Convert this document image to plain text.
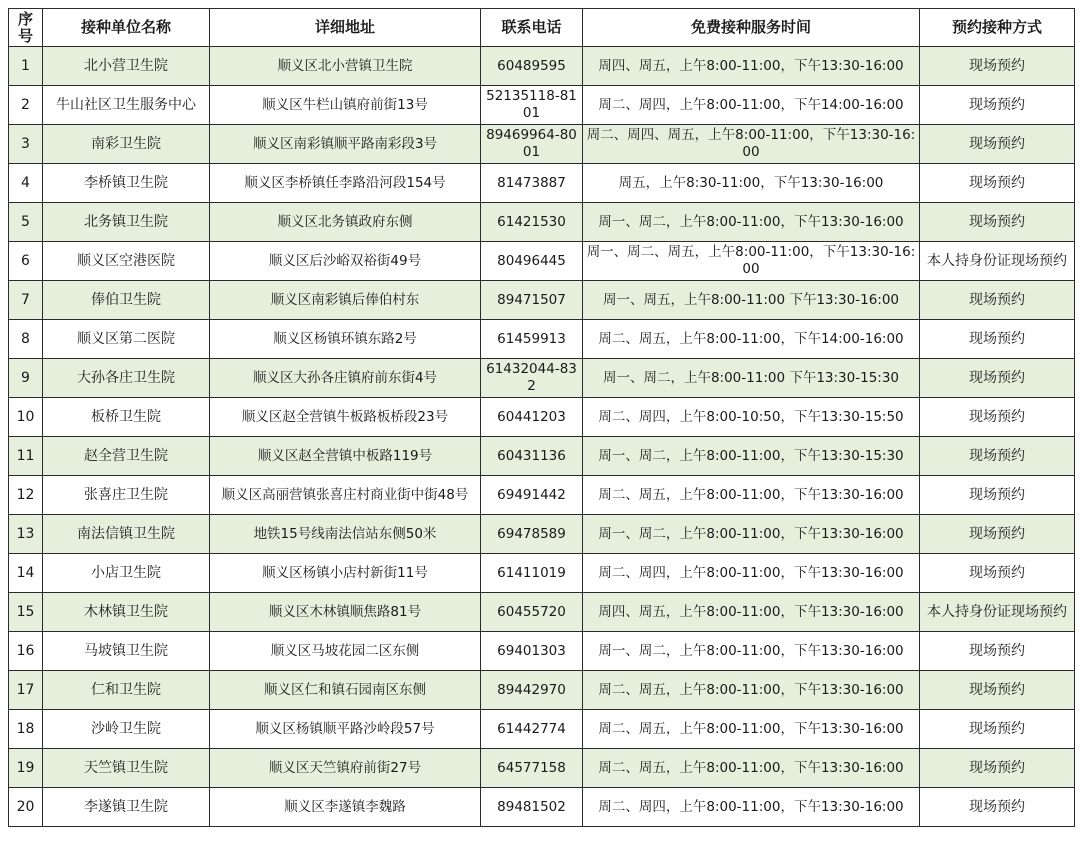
序号	接种单位名称	详细地址	联系电话	免费接种服务时间	预约接种方式
1	北小营卫生院	顺义区北小营镇卫生院	60489595	周四、周五，上午8:00-11:00，下午13:30-16:00	现场预约
2	牛山社区卫生服务中心	顺义区牛栏山镇府前街13号	52135118-8101	周二、周四，上午8:00-11:00，下午14:00-16:00	现场预约
3	南彩卫生院	顺义区南彩镇顺平路南彩段3号	89469964-8001	周二、周四、周五，上午8:00-11:00，下午13:30-16:00	现场预约
4	李桥镇卫生院	顺义区李桥镇任李路沿河段154号	81473887	周五，上午8:30-11:00，下午13:30-16:00	现场预约
5	北务镇卫生院	顺义区北务镇政府东侧	61421530	周一、周二，上午8:00-11:00，下午13:30-16:00	现场预约
6	顺义区空港医院	顺义区后沙峪双裕街49号	80496445	周一、周二、周五，上午8:00-11:00，下午13:30-16:00	本人持身份证现场预约
7	俸伯卫生院	顺义区南彩镇后俸伯村东	89471507	周一、周五，上午8:00-11:00 下午13:30-16:00	现场预约
8	顺义区第二医院	顺义区杨镇环镇东路2号	61459913	周二、周五，上午8:00-11:00，下午14:00-16:00	现场预约
9	大孙各庄卫生院	顺义区大孙各庄镇府前东街4号	61432044-832	周一、周二，上午8:00-11:00 下午13:30-15:30	现场预约
10	板桥卫生院	顺义区赵全营镇牛板路板桥段23号	60441203	周二、周四，上午8:00-10:50，下午13:30-15:50	现场预约
11	赵全营卫生院	顺义区赵全营镇中板路119号	60431136	周一、周二，上午8:00-11:00，下午13:30-15:30	现场预约
12	张喜庄卫生院	顺义区高丽营镇张喜庄村商业街中街48号	69491442	周二、周五，上午8:00-11:00，下午13:30-16:00	现场预约
13	南法信镇卫生院	地铁15号线南法信站东侧50米	69478589	周一、周二，上午8:00-11:00，下午13:30-16:00	现场预约
14	小店卫生院	顺义区杨镇小店村新街11号	61411019	周二、周四，上午8:00-11:00，下午13:30-16:00	现场预约
15	木林镇卫生院	顺义区木林镇顺焦路81号	60455720	周四、周五，上午8:00-11:00，下午13:30-16:00	本人持身份证现场预约
16	马坡镇卫生院	顺义区马坡花园二区东侧	69401303	周一、周二，上午8:00-11:00，下午13:30-16:00	现场预约
17	仁和卫生院	顺义区仁和镇石园南区东侧	89442970	周二、周五，上午8:00-11:00，下午13:30-16:00	现场预约
18	沙岭卫生院	顺义区杨镇顺平路沙岭段57号	61442774	周二、周五，上午8:00-11:00，下午13:30-16:00	现场预约
19	天竺镇卫生院	顺义区天竺镇府前街27号	64577158	周二、周五，上午8:00-11:00，下午13:30-16:00	现场预约
20	李遂镇卫生院	顺义区李遂镇李魏路	89481502	周二、周四，上午8:00-11:00，下午13:30-16:00	现场预约
